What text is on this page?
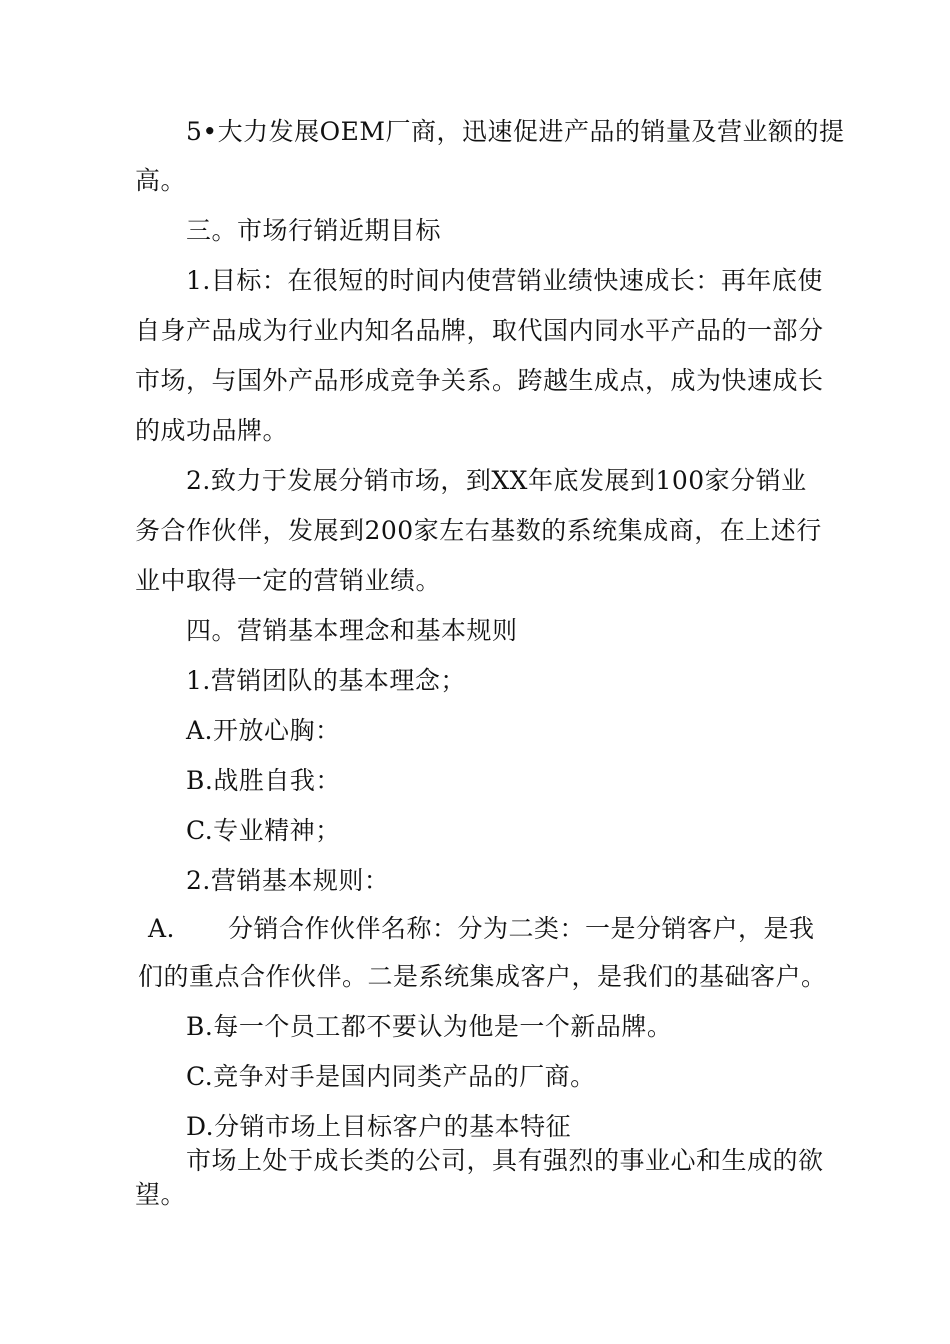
5•大力发展OEM厂商，迅速促进产品的销量及营业额的提
高。
三。市场行销近期目标
1.目标：在很短的时间内使营销业绩快速成长：再年底使
自身产品成为行业内知名品牌，取代国内同水平产品的一部分
市场，与国外产品形成竞争关系。跨越生成点，成为快速成长
的成功品牌。
2.致力于发展分销市场，到XX年底发展到100家分销业
务合作伙伴，发展到200家左右基数的系统集成商，在上述行
业中取得一定的营销业绩。
四。营销基本理念和基本规则
1.营销团队的基本理念；
A.开放心胸：
B.战胜自我：
C.专业精神；
2.营销基本规则：
A. 分销合作伙伴名称：分为二类：一是分销客户，是我
们的重点合作伙伴。二是系统集成客户，是我们的基础客户。
B.每一个员工都不要认为他是一个新品牌。
C.竞争对手是国内同类产品的厂商。
D.分销市场上目标客户的基本特征
市场上处于成长类的公司，具有强烈的事业心和生成的欲
望。
